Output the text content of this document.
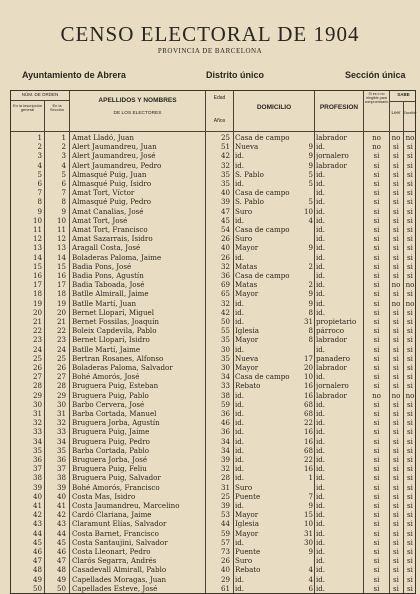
CENSO ELECTORAL DE 1904
PROVINCIA DE BARCELONA
Ayuntamiento de Abrera	Distrito único	Sección única
NÚM. DE ORDEN
En la inscripción general
En la Sección
APELLIDOS Y NOMBRES
DE LOS ELECTORES
Edad
Años
DOMICILIO	PROFESION
Si es ó no elegible para compromisario
SABE
Leer Escribir
1	1 Amat Lladó, Juan	25 Casa de campo	labrador	no	no no
2	2 Alert Jaumandreu, Juan	51 Nueva	9 id.	no	si	si
3	3 Alert Jaumandreu, José	42 id.	9 jornalero	si	si	si
4	4 Alert Jaumandreu, Pedro	32 id.	9 labrador	si	si	si
5	5 Almasqué Puig, Juan	35 S. Pablo	5 id.	si	si	si
6	6 Almasqué Puig, Isidro	35 id.	5 id.	si	si	si
7	7 Amat Tort, Víctor	40 Casa de campo	id.	si	si	si
8	8 Almasqué Puig, Pedro	39 S. Pablo	5 id.	si	si	si
9	9 Amat Canalias, José	47 Suro	10 id.	si	si	si
10	10 Amat Tort, José	45 id.	4 id.	si	si	si
11	11 Amat Tort, Francisco	54 Casa de campo	id.	si	si	si
12	12 Amat Sazarrais, Isidro	26 Suro	id.	si	si	si
13	13 Aragall Costa, José	40 Mayor	9 id.	si	si	si
14	14 Boladeras Paloma, Jaime	26 id.	id.	si	si	si
15	15 Badia Pons, José	32 Matas	2 id.	si	si	si
16	16 Badia Pons, Agustín	36 Casa de campo	id.	si	si	si
17	17 Badia Taboada, José	69 Matas	2 id.	si	no no
18	18 Batlle Almirall, Jaime	65 Mayor	9 id.	si	si	si
19	19 Batlle Martí, Juan	32 id.	9 id.	si	no no
20	20 Bernet Lloparí, Miguel	42 id.	8 id.	si	si	si
21	21 Bernet Fossilas, Joaquín	50 id.	31 propietario	si	si	si
22	22 Boleix Capdevila, Pablo	55 Iglesia	8 párroco	si	si	si
23	23 Bernet Lloparí, Isidro	35 Mayor	8 labrador	si	si	si
24	24 Batlle Martí, Jaime	30 id.	id.	si	si	si
25	25 Bertran Rosanes, Alfonso	35 Nueva	17 panadero	si	si	si
26	26 Boladeras Paloma, Salvador	30 Mayor	20 labrador	si	si	si
27	27 Bohé Amorós, José	34 Casa de campo	10 id.	si	si	si
28	28 Bruguera Puig, Esteban	33 Rebato	16 jornalero	si	si	si
29	29 Bruguera Puig, Pablo	38 id.	16 labrador	no	no no
30	30 Barbo Cervera, José	59 id.	68 id.	si	si	si
31	31 Barba Cortada, Manuel	36 id.	68 id.	si	si	si
32	32 Bruguera Jorba, Agustín	46 id.	22 id.	si	si	si
33	33 Bruguera Puig, Jaime	36 id.	16 id.	si	si	si
34	34 Bruguera Puig, Pedro	34 id.	16 id.	si	si	si
35	35 Barba Cortada, Pablo	34 id.	68 id.	si	si	si
36	36 Bruguera Jorba, José	39 id.	22 id.	si	si	si
37	37 Bruguera Puig, Feliu	32 id.	16 id.	si	si	si
38	38 Bruguera Puig, Salvador	28 id.	1 id.	si	si	si
39	39 Bohé Amorós, Francisco	31 Suro	id.	si	si	si
40	40 Costa Mas, Isidro	25 Puente	7 id.	si	si	si
41	41 Costa Jaumandreu, Marcelino	39 id.	9 id.	si	si	si
42	42 Cardó Clariana, Jaime	53 Mayor	15 id.	si	si	si
43	43 Claramunt Elías, Salvador	44 Iglesia	10 id.	si	si	si
44	44 Costa Barnet, Francisco	59 Mayor	31 id.	si	si	si
45	45 Costa Santaujini, Salvador	57 id.	30 id.	si	si	si
46	46 Costa Lleonart, Pedro	73 Puente	9 id.	si	si	si
47	47 Clarós Segarra, Andrés	26 Suro	id.	si	si	si
48	48 Casadevall Almirall, Pablo	40 Rebato	4 id.	si	si	si
49	49 Capellades Moragas, Juan	29 id.	4 id.	si	si	si
50	50 Capellades Esteve, José	61 id.	6 id.	si	si	si
